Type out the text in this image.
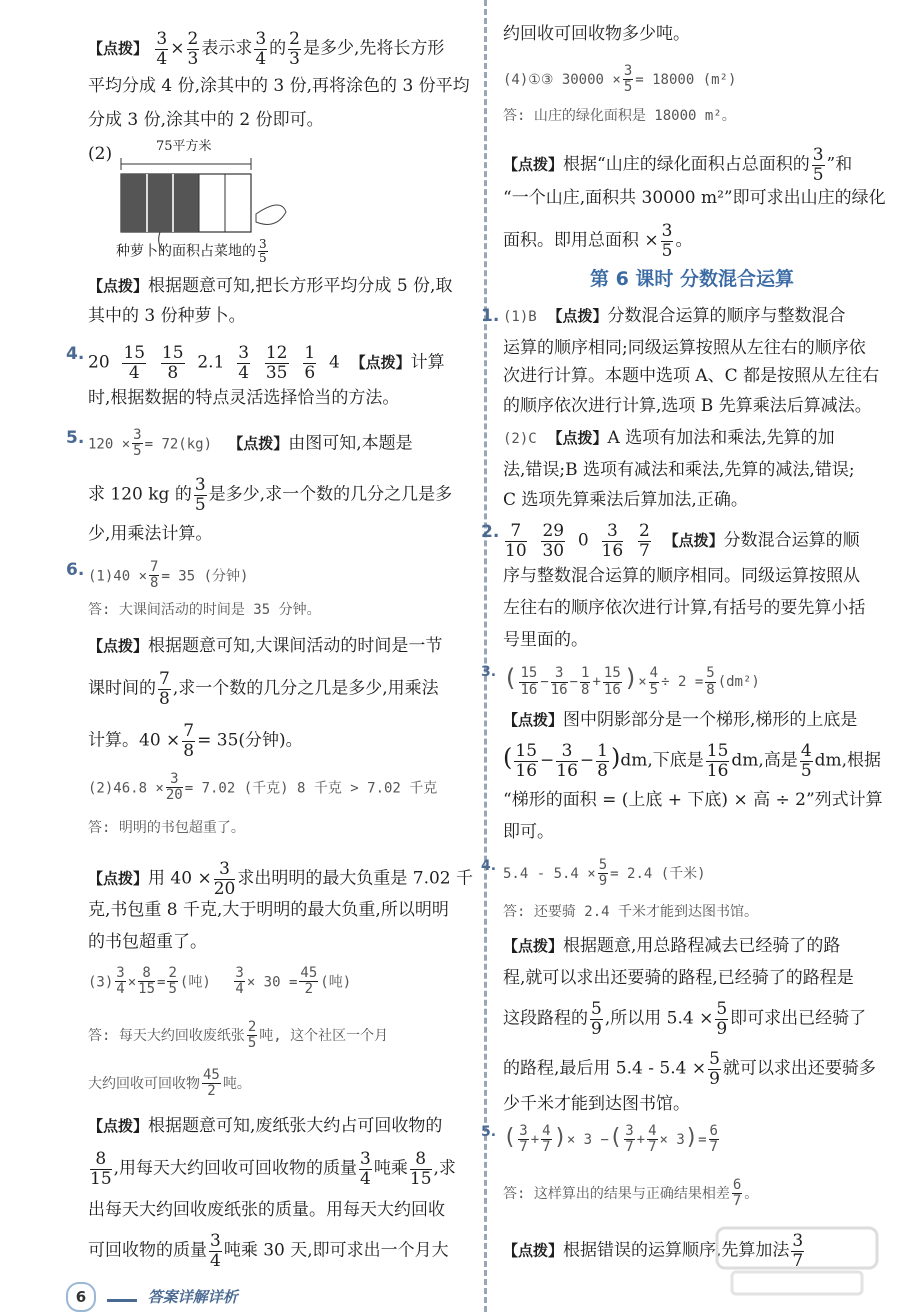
【点拨】 $\frac{3}{4} \times \frac{2}{3}$ 表示求 $\frac{3}{4}$ 的 $\frac{2}{3}$ 是多少,先将长方形
平均分成 4 份,涂其中的 3 份,再将涂色的 3 份平均
分成 3 份,涂其中的 2 份即可。
(2)	75平方米
种萝卜的面积占菜地的 $\frac{3}{5}$
【点拨】根据题意可知,把长方形平均分成 5 份,取
其中的 3 份种萝卜。
4. $20 \frac{15}{4}$
$\frac{15}{8} 2.1 \frac{3}{4}$
$\frac{12}{35}$
$\frac{1}{6} 4$ 【点拨】计算
时,根据数据的特点灵活选择恰当的方法。
5. $120 \times \frac{3}{5} = 72(kg)$ 【点拨】由图可知,本题是
求 120 kg 的 $\frac{3}{5}$ 是多少,求一个数的几分之几是多
少,用乘法计算。
6. $(1)40 \times \frac{7}{8} = 35$ (分钟)
答: 大课间活动的时间是 35 分钟。
【点拨】根据题意可知,大课间活动的时间是一节
课时间的 $\frac{7}{8}$ ,求一个数的几分之几是多少,用乘法
计算。$40 \times \frac{7}{8} = 35$(分钟)。
$(2)46.8 \times \frac{3}{20} = 7.02$ (千克) 8 千克 > 7.02 千克
答: 明明的书包超重了。
【点拨】用 $40 \times \frac{3}{20}$ 求出明明的最大负重是 7.02 千
克,书包重 8 千克,大于明明的最大负重,所以明明
的书包超重了。
$(3) \frac{3}{4} \times \frac{8}{15} = \frac{2}{5}$ (吨) $\frac{3}{4} \times 30 = \frac{45}{2}$ (吨)
答: 每天大约回收废纸张 $\frac{2}{5}$ 吨, 这个社区一个月
大约回收可回收物 $\frac{45}{2}$ 吨。
【点拨】根据题意可知,废纸张大约占可回收物的
$\frac{8}{15}$ ,用每天大约回收可回收物的质量 $\frac{3}{4}$ 吨乘 $\frac{8}{15}$ ,求
出每天大约回收废纸张的质量。用每天大约回收
可回收物的质量 $\frac{3}{4}$ 吨乘 30 天,即可求出一个月大
约回收可回收物多少吨。
(4)①③ $30000 \times \frac{3}{5} = 18000$ (m²)
答: 山庄的绿化面积是 18000 m²。
【点拨】根据“山庄的绿化面积占总面积的 $\frac{3}{5}$ ”和
“一个山庄,面积共 30000 m²”即可求出山庄的绿化
面积。即用总面积 × $\frac{3}{5}$ 。
第 6 课时 分数混合运算
1. (1)B 【点拨】分数混合运算的顺序与整数混合
运算的顺序相同;同级运算按照从左往右的顺序依
次进行计算。本题中选项 A、C 都是按照从左往右
的顺序依次进行计算,选项 B 先算乘法后算减法。
(2)C 【点拨】A 选项有加法和乘法,先算的加
法,错误;B 选项有减法和乘法,先算的减法,错误;
C 选项先算乘法后算加法,正确。
2. $\frac{7}{10}$
$\frac{29}{30} 0 \frac{3}{16}$
$\frac{2}{7}$ 【点拨】分数混合运算的顺
序与整数混合运算的顺序相同。同级运算按照从
左往右的顺序依次进行计算,有括号的要先算小括
号里面的。
3. ( $\frac{15}{16} - \frac{3}{16} - \frac{1}{8} + \frac{15}{16}$ )× $\frac{4}{5} \div 2 = \frac{5}{8} (dm^2)$
【点拨】图中阴影部分是一个梯形,梯形的上底是
( $\frac{15}{16} - \frac{3}{16} - \frac{1}{8} )dm$,下底是 $\frac{15}{16}$ dm,高是 $\frac{4}{5}$ dm,根据
“梯形的面积 = (上底 + 下底) × 高 ÷ 2”列式计算
即可。
4. $5.4 - 5.4 \times \frac{5}{9} = 2.4$ (千米)
答: 还要骑 2.4 千米才能到达图书馆。
【点拨】根据题意,用总路程减去已经骑了的路
程,就可以求出还要骑的路程,已经骑了的路程是
这段路程的 $\frac{5}{9}$ ,所以用 $5.4 \times \frac{5}{9}$ 即可求出已经骑了
的路程,最后用 $5.4 - 5.4 \times \frac{5}{9}$ 就可以求出还要骑多
少千米才能到达图书馆。
5. ( $\frac{3}{7} + \frac{4}{7}$ )× 3 −( $\frac{3}{7} + \frac{4}{7} \times 3)= \frac{6}{7}$
答: 这样算出的结果与正确结果相差 $\frac{6}{7}$ 。
【点拨】根据错误的运算顺序,先算加法 $\frac{3}{7}$
6	答案详解详析
